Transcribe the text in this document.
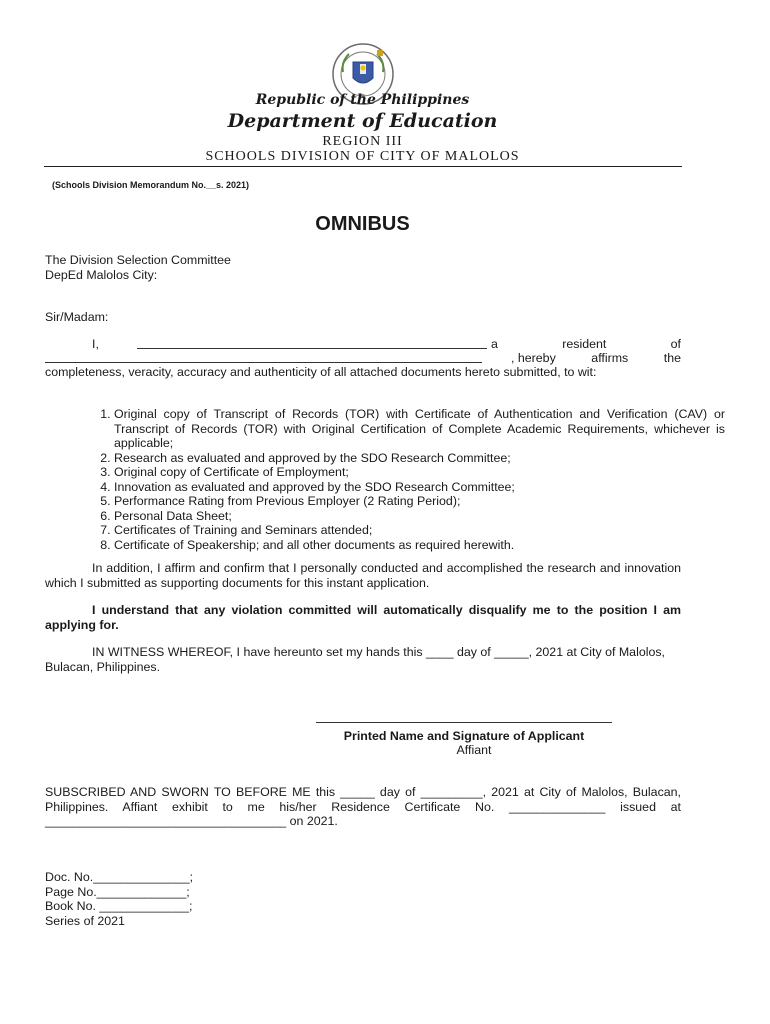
Republic of the Philippines
Department of Education
REGION III
SCHOOLS DIVISION OF CITY OF MALOLOS
(Schools Division Memorandum No.__s. 2021)
OMNIBUS
The Division Selection Committee
DepEd Malolos City:
Sir/Madam:
I,	a	resident	of
, hereby	affirms	the
completeness, veracity, accuracy and authenticity of all attached documents hereto submitted, to wit:
1. Original copy of Transcript of Records (TOR) with Certificate of Authentication and Verification (CAV) or Transcript of Records (TOR) with Original Certification of Complete Academic Requirements, whichever is applicable;
2. Research as evaluated and approved by the SDO Research Committee;
3. Original copy of Certificate of Employment;
4. Innovation as evaluated and approved by the SDO Research Committee;
5. Performance Rating from Previous Employer (2 Rating Period);
6. Personal Data Sheet;
7. Certificates of Training and Seminars attended;
8. Certificate of Speakership; and all other documents as required herewith.
In addition, I affirm and confirm that I personally conducted and accomplished the research and innovation which I submitted as supporting documents for this instant application.
I understand that any violation committed will automatically disqualify me to the position I am applying for.
IN WITNESS WHEREOF, I have hereunto set my hands this ____ day of _____, 2021 at City of Malolos, Bulacan, Philippines.
Printed Name and Signature of Applicant
Affiant
SUBSCRIBED AND SWORN TO BEFORE ME this _____ day of _________, 2021 at City of Malolos, Bulacan, Philippines. Affiant exhibit to me his/her Residence Certificate No. ______________ issued at ___________________________________ on 2021.
Doc. No.______________;
Page No._____________;
Book No. _____________;
Series of 2021
